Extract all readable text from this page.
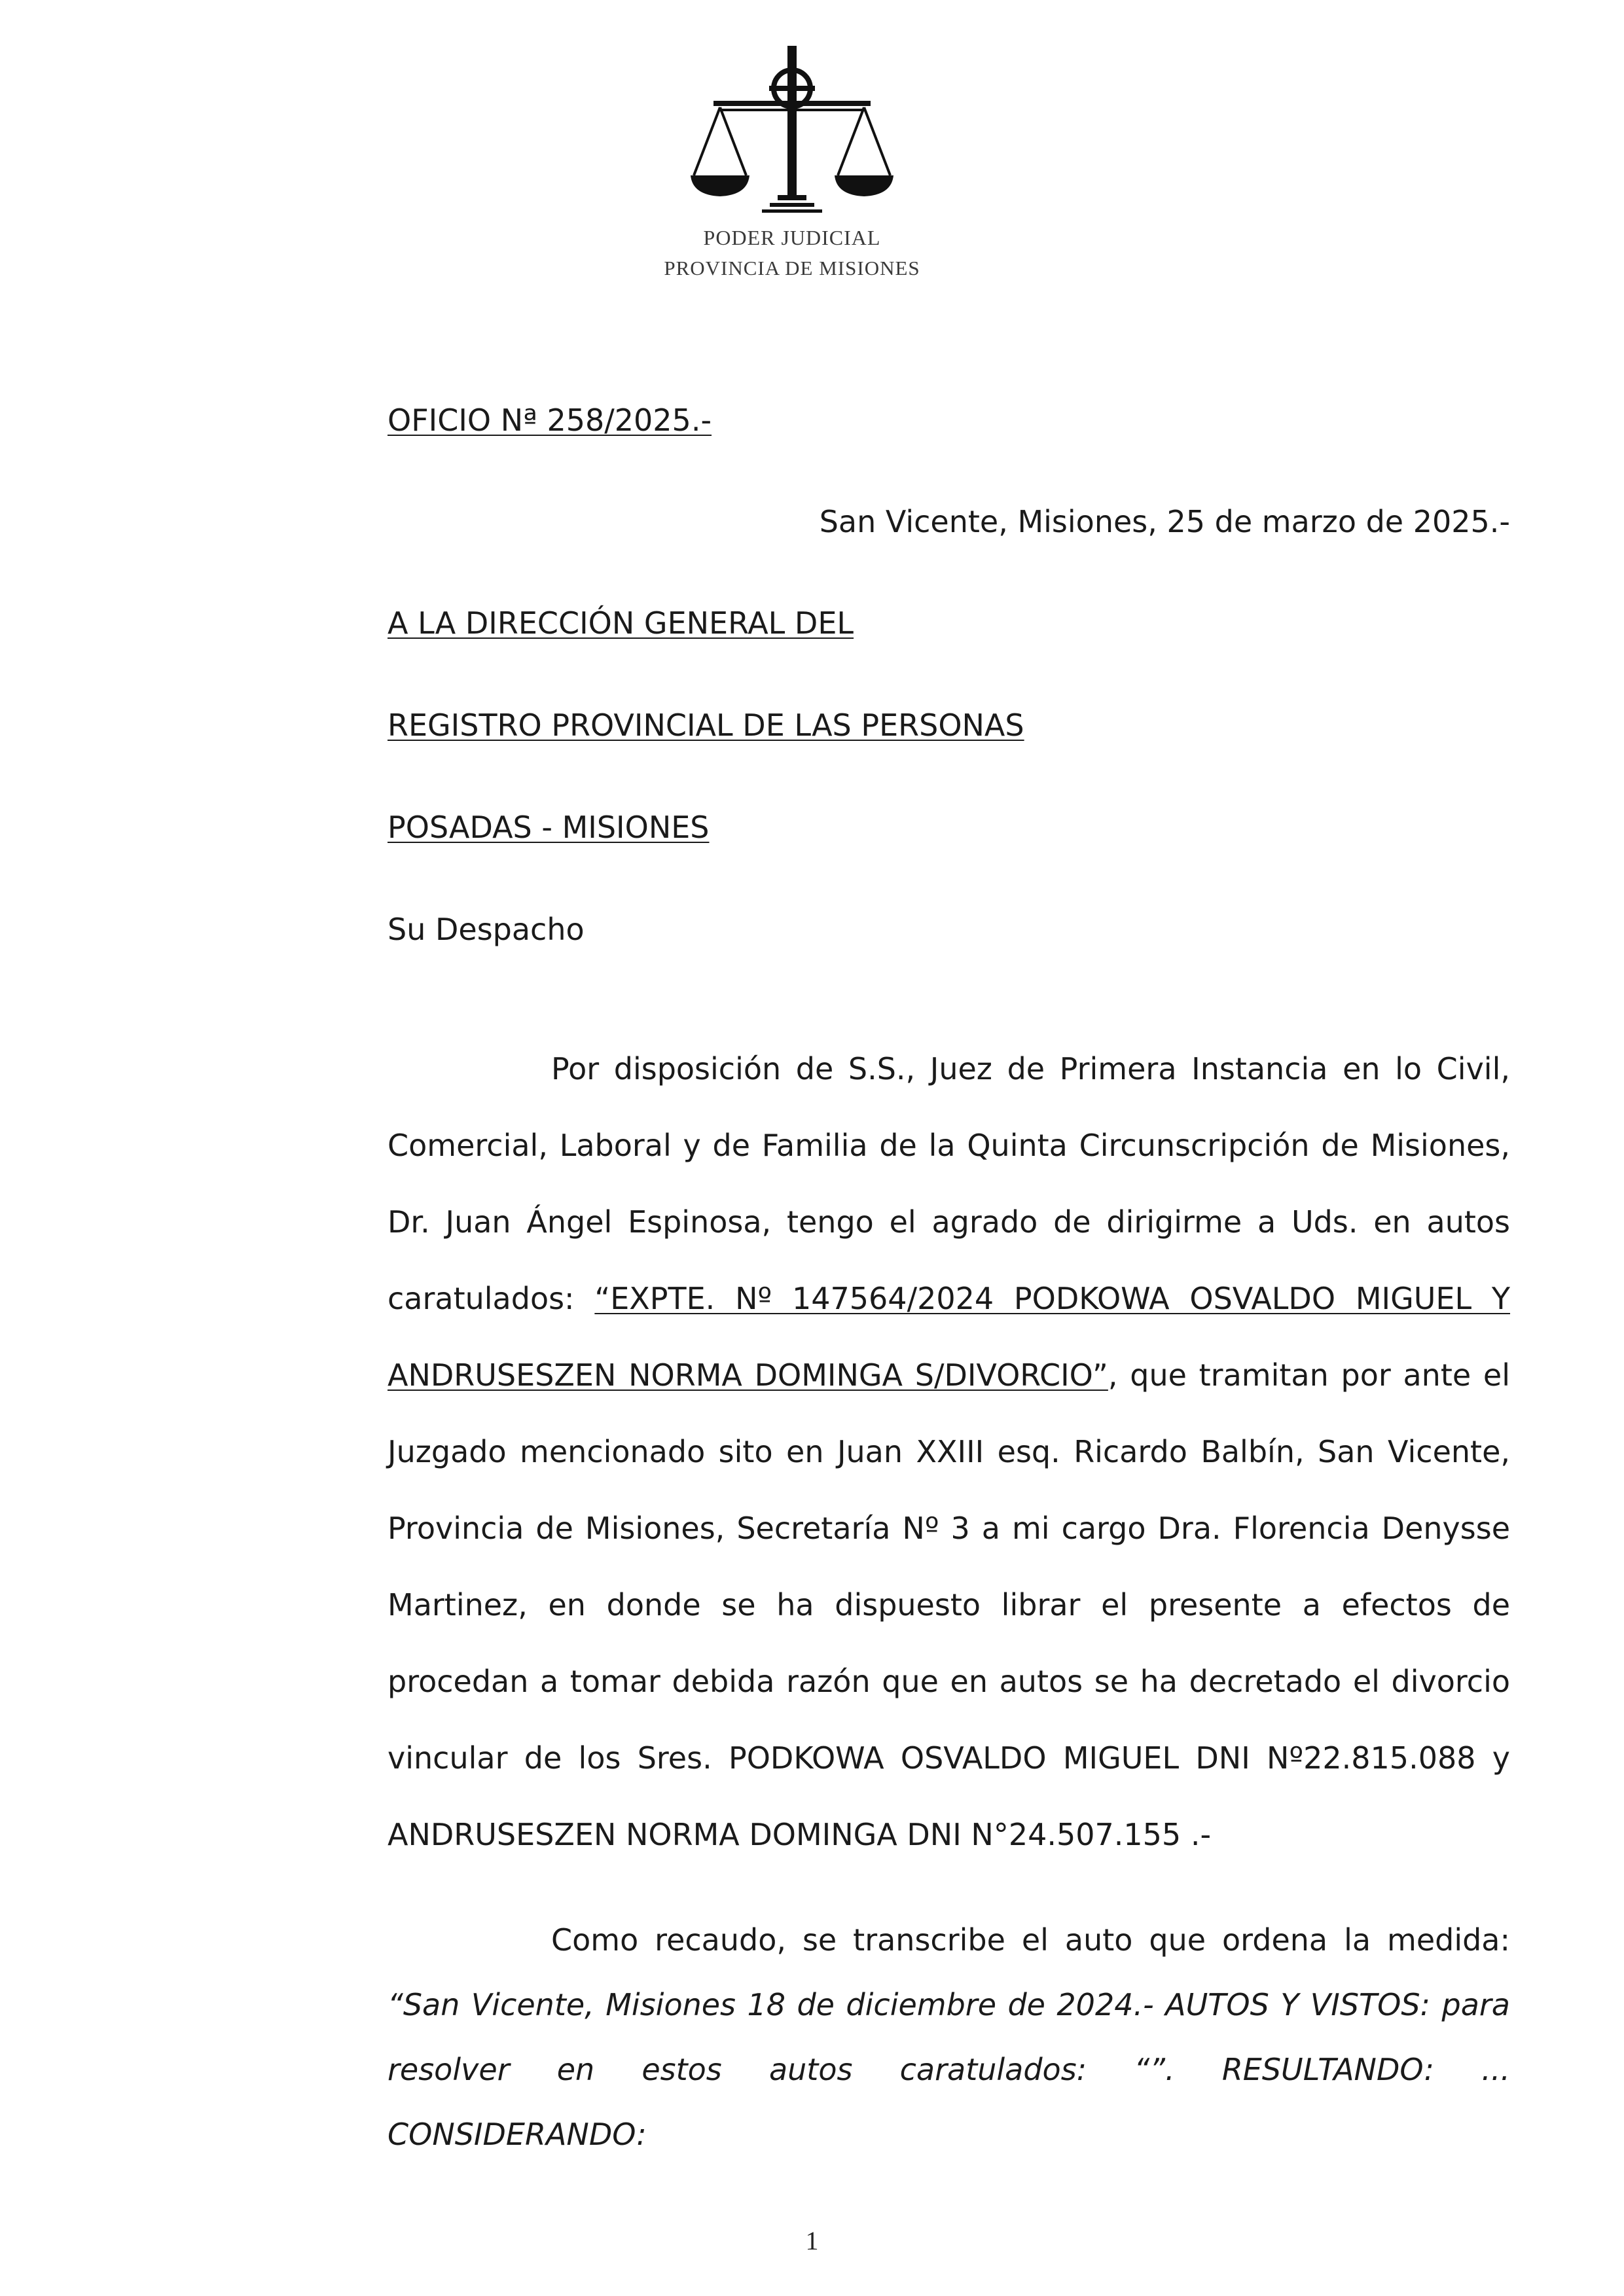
PODER JUDICIAL
PROVINCIA DE MISIONES
OFICIO Nª 258/2025.-
San Vicente, Misiones, 25 de marzo de 2025.-
A LA DIRECCIÓN GENERAL DEL
REGISTRO PROVINCIAL DE LAS PERSONAS
POSADAS - MISIONES
Su Despacho

Por disposición de S.S., Juez de Primera Instancia en lo Civil, Comercial, Laboral y de Familia de la Quinta Circunscripción de Misiones, Dr. Juan Ángel Espinosa, tengo el agrado de dirigirme a Uds. en autos caratulados: “EXPTE. Nº 147564/2024 PODKOWA OSVALDO MIGUEL Y ANDRUSESZEN NORMA DOMINGA S/DIVORCIO”, que tramitan por ante el Juzgado mencionado sito en Juan XXIII esq. Ricardo Balbín, San Vicente, Provincia de Misiones, Secretaría Nº 3 a mi cargo Dra. Florencia Denysse Martinez, en donde se ha dispuesto librar el presente a efectos de procedan a tomar debida razón que en autos se ha decretado el divorcio vincular de los Sres. PODKOWA OSVALDO MIGUEL DNI Nº22.815.088 y ANDRUSESZEN NORMA DOMINGA DNI N°24.507.155 .-

Como recaudo, se transcribe el auto que ordena la medida: “San Vicente, Misiones 18 de diciembre de 2024.- AUTOS Y VISTOS: para resolver en estos autos caratulados: “”. RESULTANDO: ... CONSIDERANDO:

1
